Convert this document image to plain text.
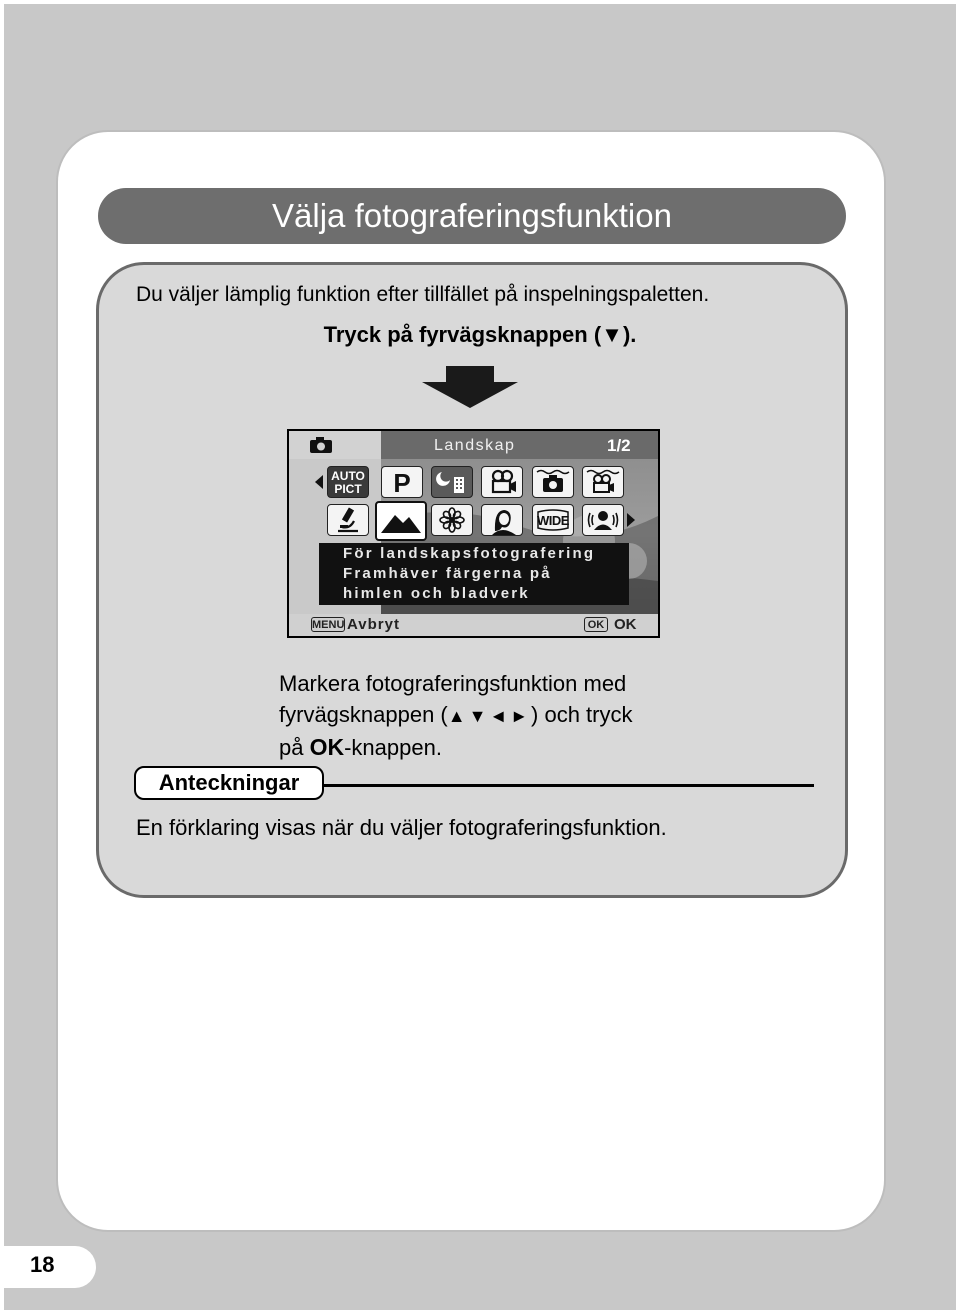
Välja fotograferingsfunktion
Du väljer lämplig funktion efter tillfället på inspelningspaletten.
Tryck på fyrvägsknappen (▼).
Landskap	1/2
AUTO
PICT	P
WIDE
För landskapsfotografering
Framhäver färgerna på
himlen och bladverk
MENU Avbryt	OK OK
Markera fotograferingsfunktion med
fyrvägsknappen (▲▼◄►) och tryck
på OK-knappen.
Anteckningar
En förklaring visas när du väljer fotograferingsfunktion.
18
